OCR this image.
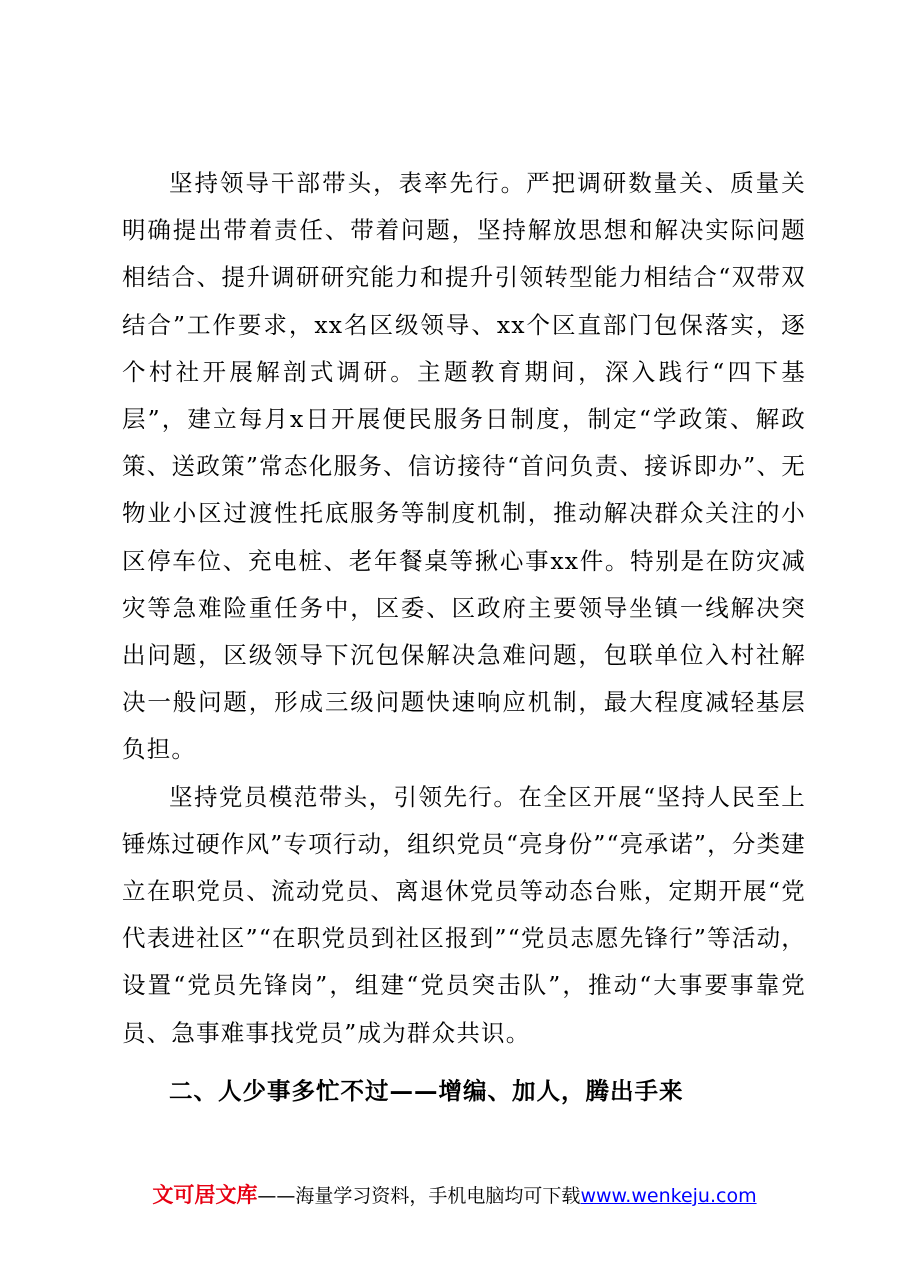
坚持领导干部带头，表率先行。严把调研数量关、质量关明确提出带着责任、带着问题，坚持解放思想和解决实际问题相结合、提升调研研究能力和提升引领转型能力相结合“双带双结合”工作要求，xx名区级领导、xx个区直部门包保落实，逐个村社开展解剖式调研。主题教育期间，深入践行“四下基层”，建立每月x日开展便民服务日制度，制定“学政策、解政策、送政策”常态化服务、信访接待“首问负责、接诉即办”、无物业小区过渡性托底服务等制度机制，推动解决群众关注的小区停车位、充电桩、老年餐桌等揪心事xx件。特别是在防灾减灾等急难险重任务中，区委、区政府主要领导坐镇一线解决突出问题，区级领导下沉包保解决急难问题，包联单位入村社解决一般问题，形成三级问题快速响应机制，最大程度减轻基层负担。

坚持党员模范带头，引领先行。在全区开展“坚持人民至上锤炼过硬作风”专项行动，组织党员“亮身份”“亮承诺”，分类建立在职党员、流动党员、离退休党员等动态台账，定期开展“党代表进社区”“在职党员到社区报到”“党员志愿先锋行”等活动，设置“党员先锋岗”，组建“党员突击队”，推动“大事要事靠党员、急事难事找党员”成为群众共识。

二、人少事多忙不过——增编、加人，腾出手来

文可居文库——海量学习资料，手机电脑均可下载www.wenkeju.com
